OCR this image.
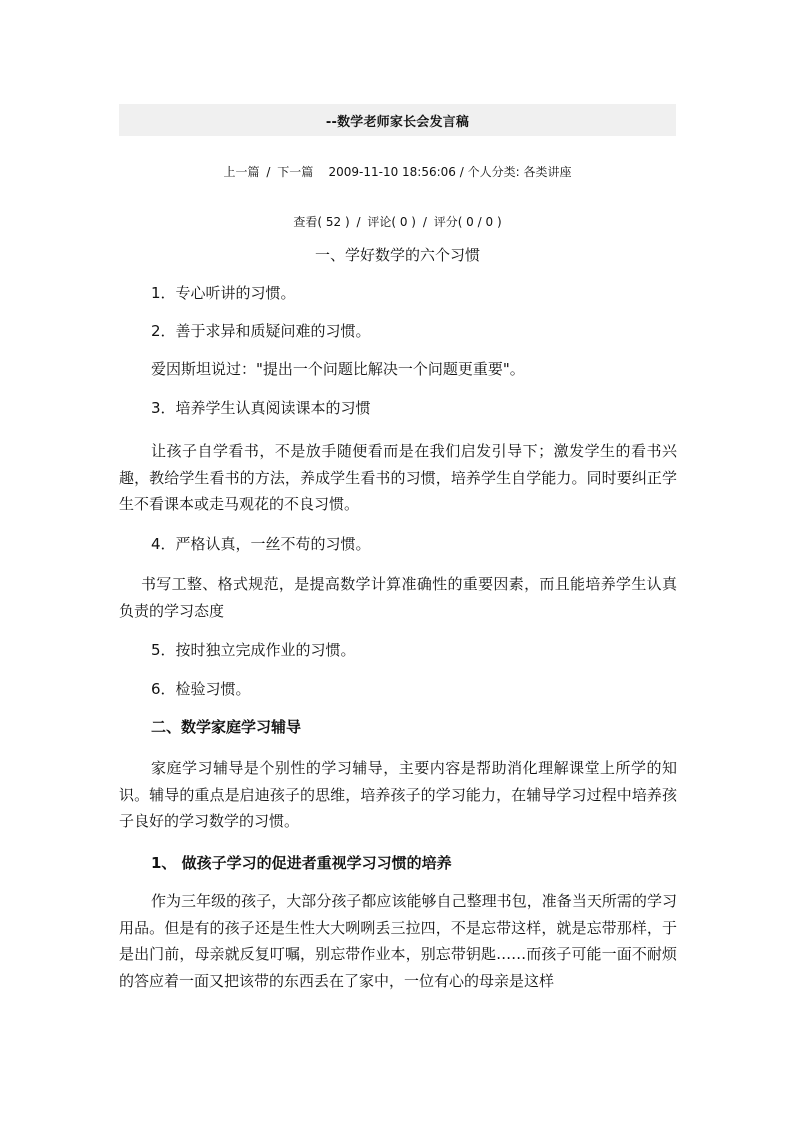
--数学老师家长会发言稿
上一篇 / 下一篇 2009-11-10 18:56:06 / 个人分类: 各类讲座
查看( 52 ) / 评论( 0 ) / 评分( 0 / 0 )
一、学好数学的六个习惯
1．专心听讲的习惯。
2．善于求异和质疑问难的习惯。
爱因斯坦说过："提出一个问题比解决一个问题更重要"。
3．培养学生认真阅读课本的习惯
让孩子自学看书，不是放手随便看而是在我们启发引导下；激发学生的看书兴趣，教给学生看书的方法，养成学生看书的习惯，培养学生自学能力。同时要纠正学生不看课本或走马观花的不良习惯。
4．严格认真，一丝不苟的习惯。
书写工整、格式规范，是提高数学计算准确性的重要因素，而且能培养学生认真负责的学习态度
5．按时独立完成作业的习惯。
6．检验习惯。
二、数学家庭学习辅导
家庭学习辅导是个别性的学习辅导，主要内容是帮助消化理解课堂上所学的知识。辅导的重点是启迪孩子的思维，培养孩子的学习能力，在辅导学习过程中培养孩子良好的学习数学的习惯。
1、 做孩子学习的促进者重视学习习惯的培养
作为三年级的孩子，大部分孩子都应该能够自己整理书包，准备当天所需的学习用品。但是有的孩子还是生性大大咧咧丢三拉四，不是忘带这样，就是忘带那样，于是出门前，母亲就反复叮嘱，别忘带作业本，别忘带钥匙……而孩子可能一面不耐烦的答应着一面又把该带的东西丢在了家中，一位有心的母亲是这样
